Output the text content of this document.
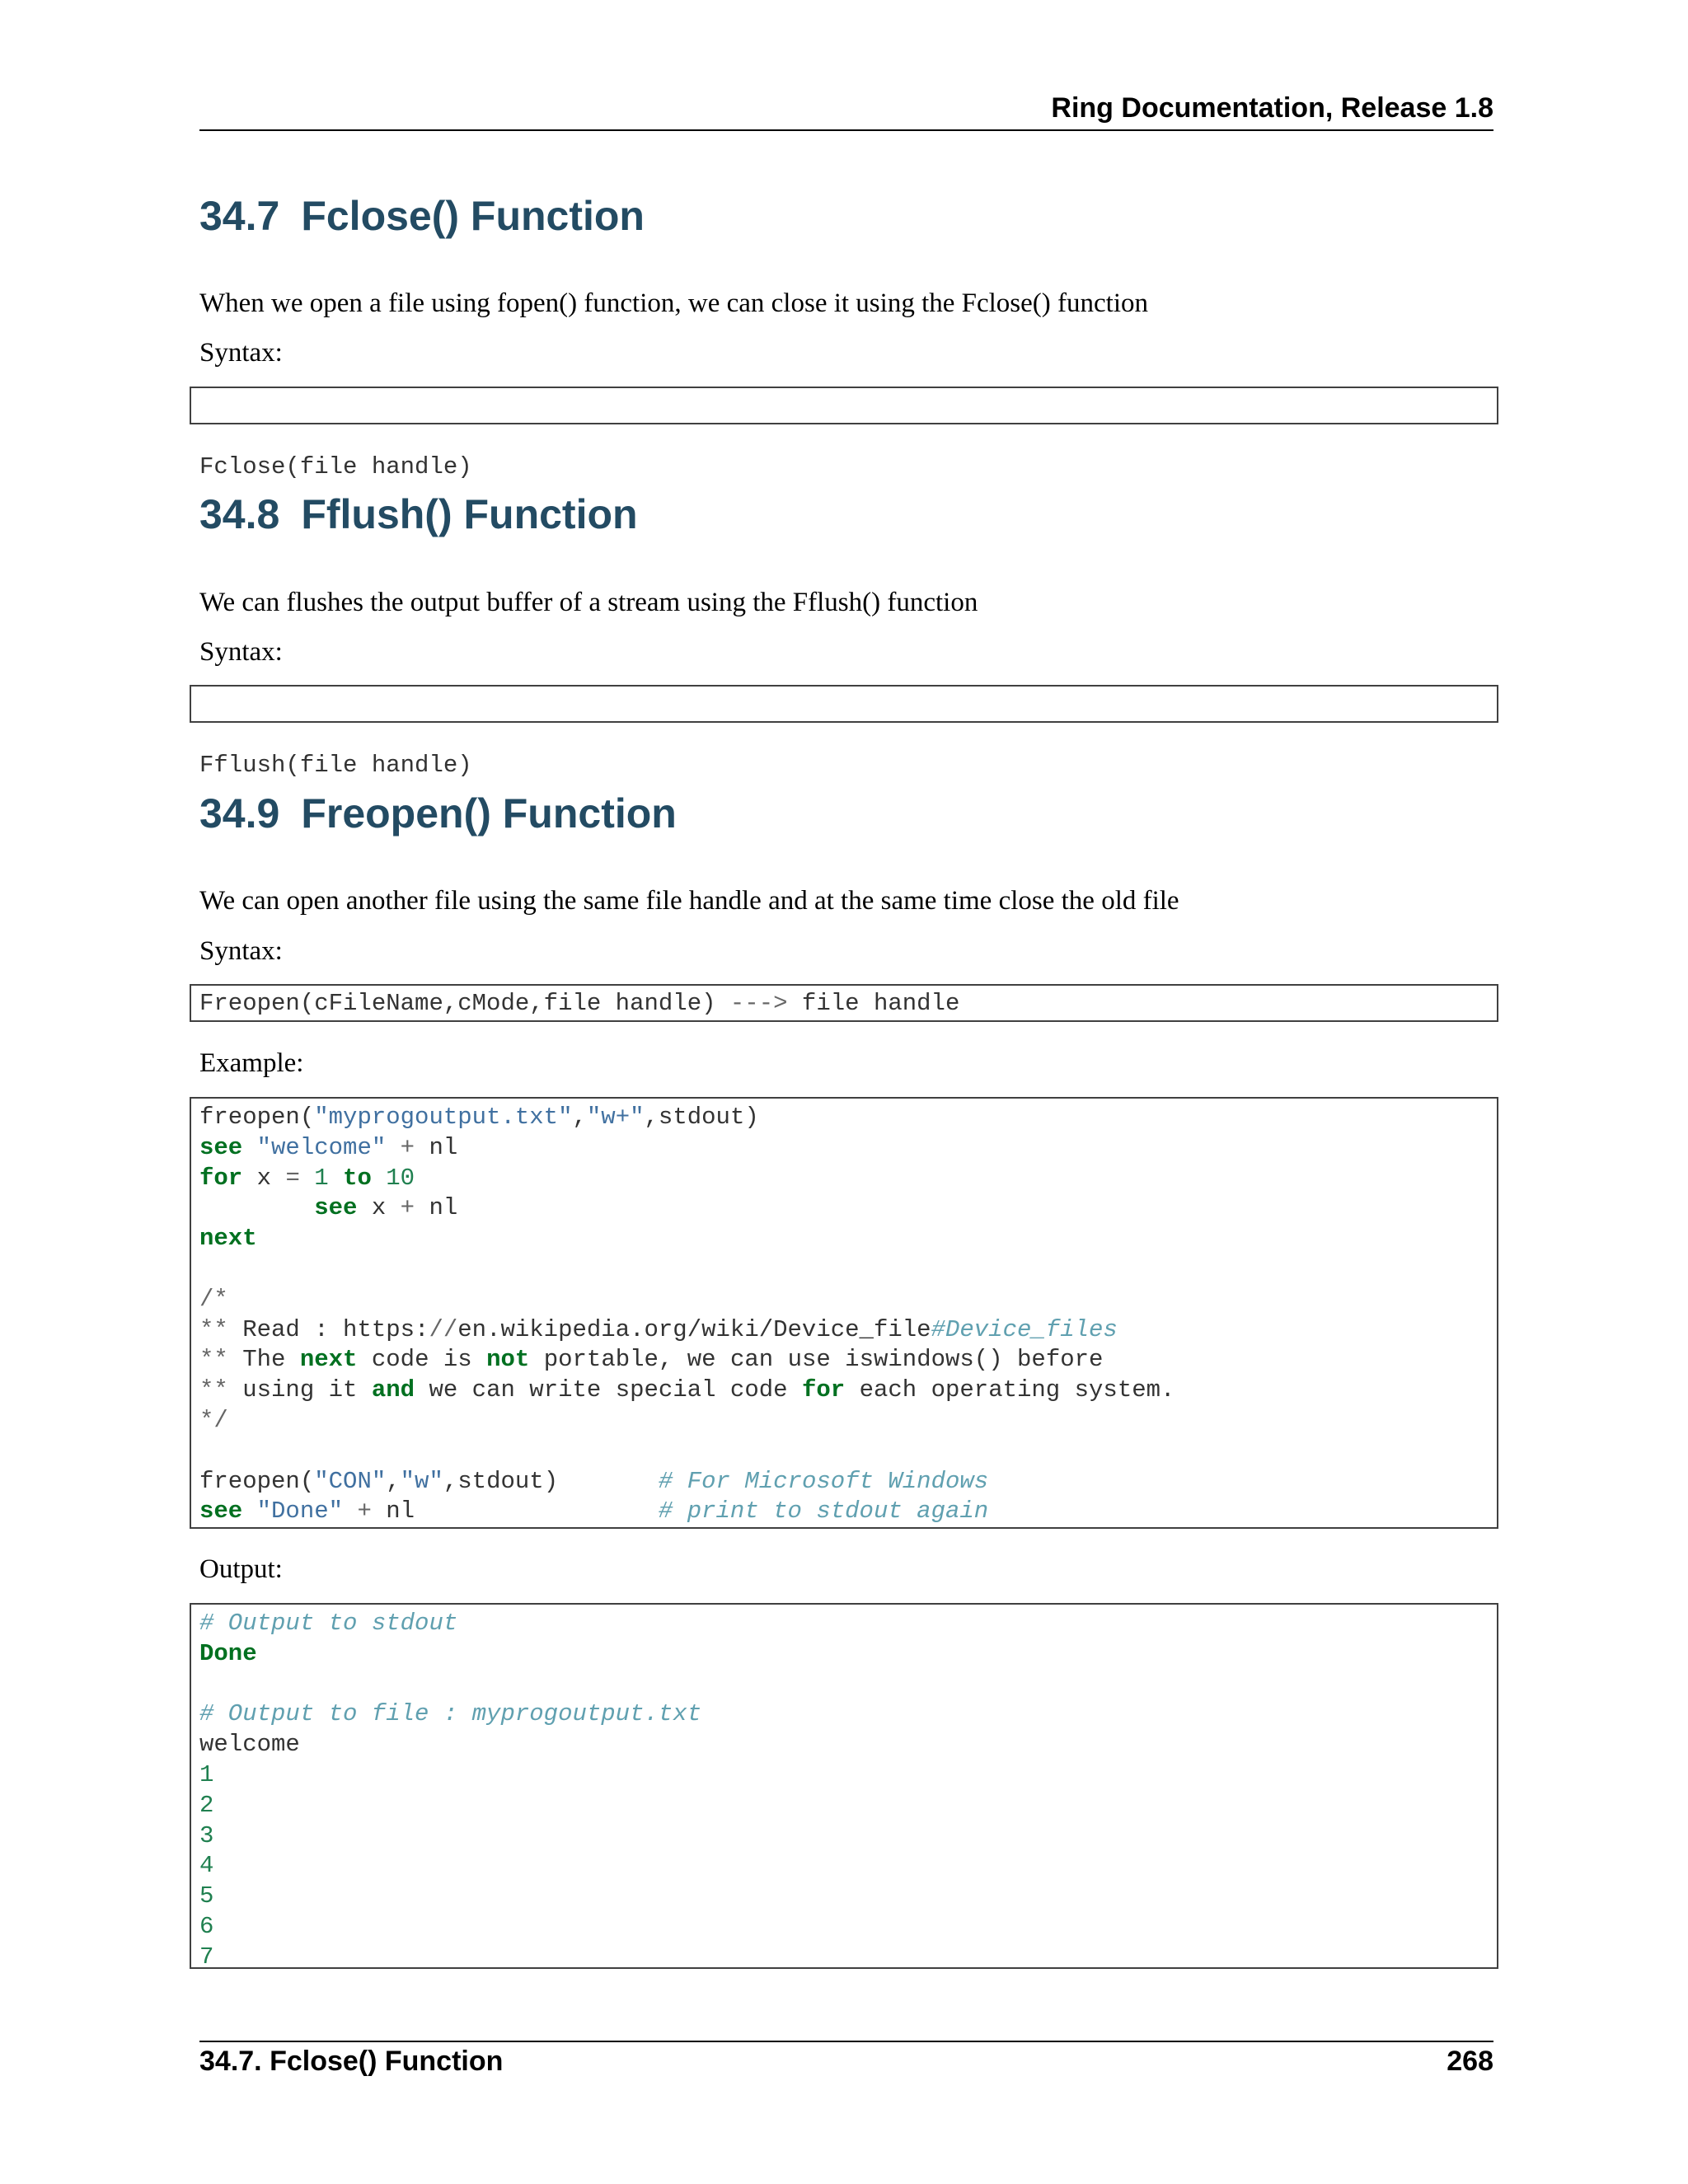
Ring Documentation, Release 1.8
34.7 Fclose() Function

When we open a file using fopen() function, we can close it using the Fclose() function

Syntax:

Fclose(file handle)

34.8 Fflush() Function

We can flushes the output buffer of a stream using the Fflush() function

Syntax:

Fflush(file handle)

34.9 Freopen() Function

We can open another file using the same file handle and at the same time close the old file

Syntax:

Freopen(cFileName,cMode,file handle) ---> file handle

Example:

freopen("myprogoutput.txt","w+",stdout)
see "welcome" + nl
for x = 1 to 10
see x + nl
next

/*
** Read : https://en.wikipedia.org/wiki/Device_file#Device_files
** The next code is not portable, we can use iswindows() before
** using it and we can write special code for each operating system.
*/

freopen("CON","w",stdout)       # For Microsoft Windows
see "Done" + nl                 # print to stdout again

Output:

# Output to stdout
Done

# Output to file : myprogoutput.txt
welcome
1
2
3
4
5
6
7
34.7. Fclose() Function	268
